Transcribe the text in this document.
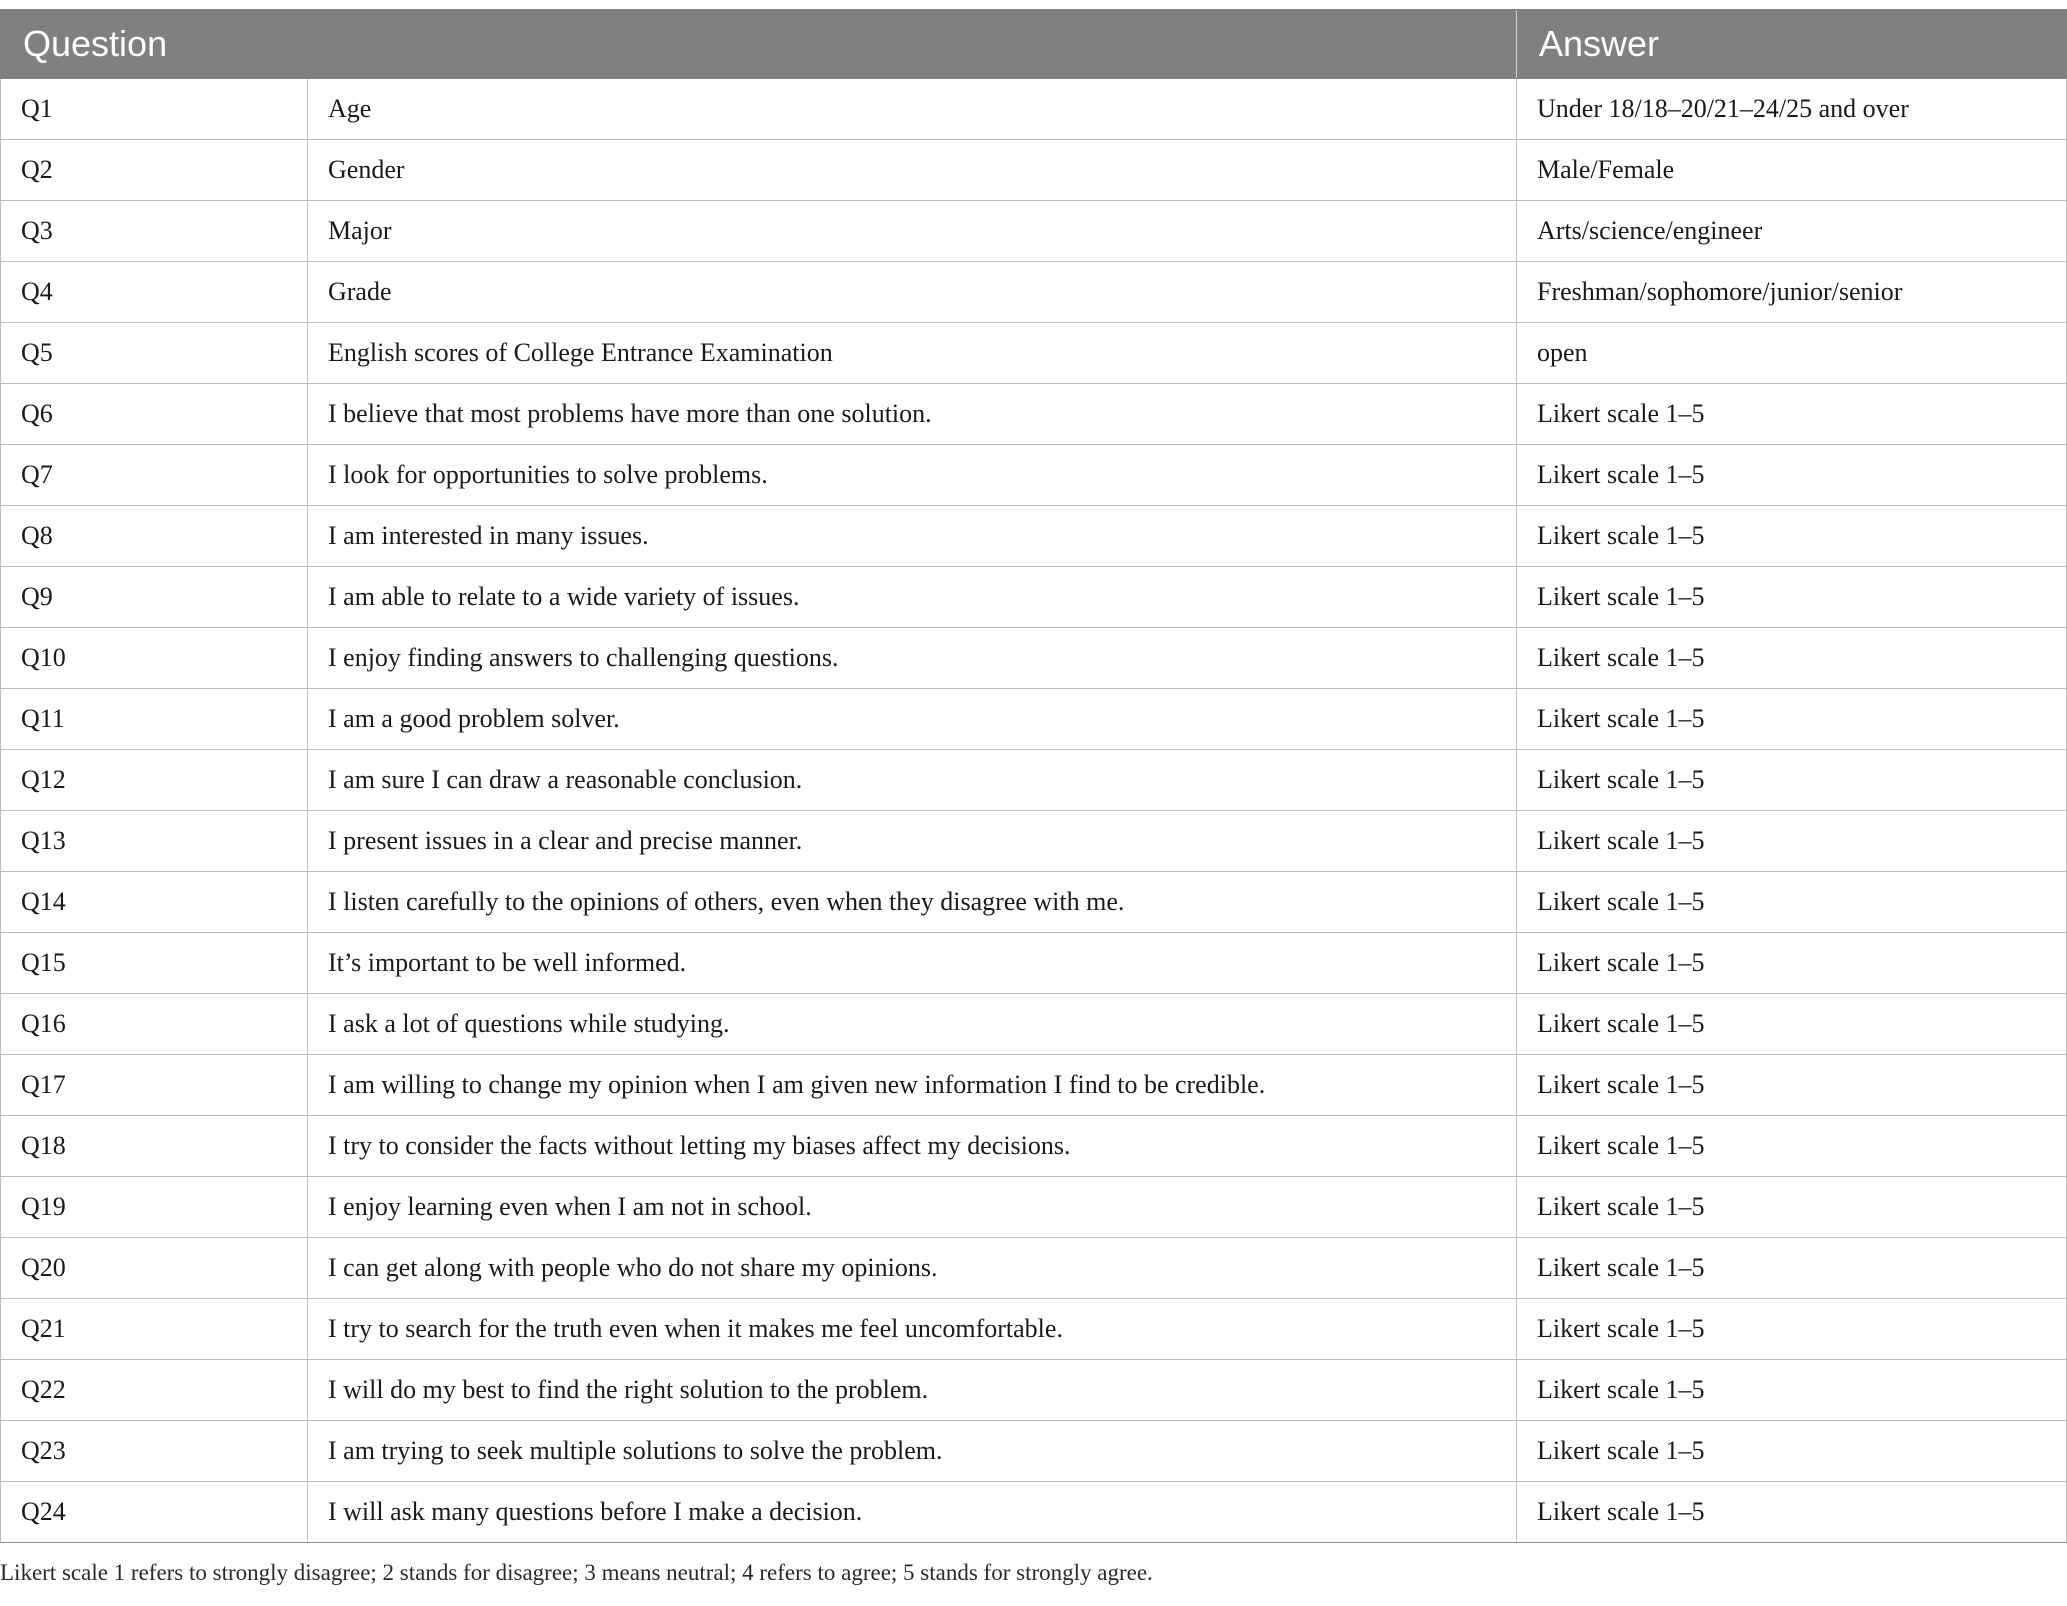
Question		Answer
Q1	Age	Under 18/18–20/21–24/25 and over
Q2	Gender	Male/Female
Q3	Major	Arts/science/engineer
Q4	Grade	Freshman/sophomore/junior/senior
Q5	English scores of College Entrance Examination	open
Q6	I believe that most problems have more than one solution.	Likert scale 1–5
Q7	I look for opportunities to solve problems.	Likert scale 1–5
Q8	I am interested in many issues.	Likert scale 1–5
Q9	I am able to relate to a wide variety of issues.	Likert scale 1–5
Q10	I enjoy finding answers to challenging questions.	Likert scale 1–5
Q11	I am a good problem solver.	Likert scale 1–5
Q12	I am sure I can draw a reasonable conclusion.	Likert scale 1–5
Q13	I present issues in a clear and precise manner.	Likert scale 1–5
Q14	I listen carefully to the opinions of others, even when they disagree with me.	Likert scale 1–5
Q15	It’s important to be well informed.	Likert scale 1–5
Q16	I ask a lot of questions while studying.	Likert scale 1–5
Q17	I am willing to change my opinion when I am given new information I find to be credible.	Likert scale 1–5
Q18	I try to consider the facts without letting my biases affect my decisions.	Likert scale 1–5
Q19	I enjoy learning even when I am not in school.	Likert scale 1–5
Q20	I can get along with people who do not share my opinions.	Likert scale 1–5
Q21	I try to search for the truth even when it makes me feel uncomfortable.	Likert scale 1–5
Q22	I will do my best to find the right solution to the problem.	Likert scale 1–5
Q23	I am trying to seek multiple solutions to solve the problem.	Likert scale 1–5
Q24	I will ask many questions before I make a decision.	Likert scale 1–5
Likert scale 1 refers to strongly disagree; 2 stands for disagree; 3 means neutral; 4 refers to agree; 5 stands for strongly agree.
